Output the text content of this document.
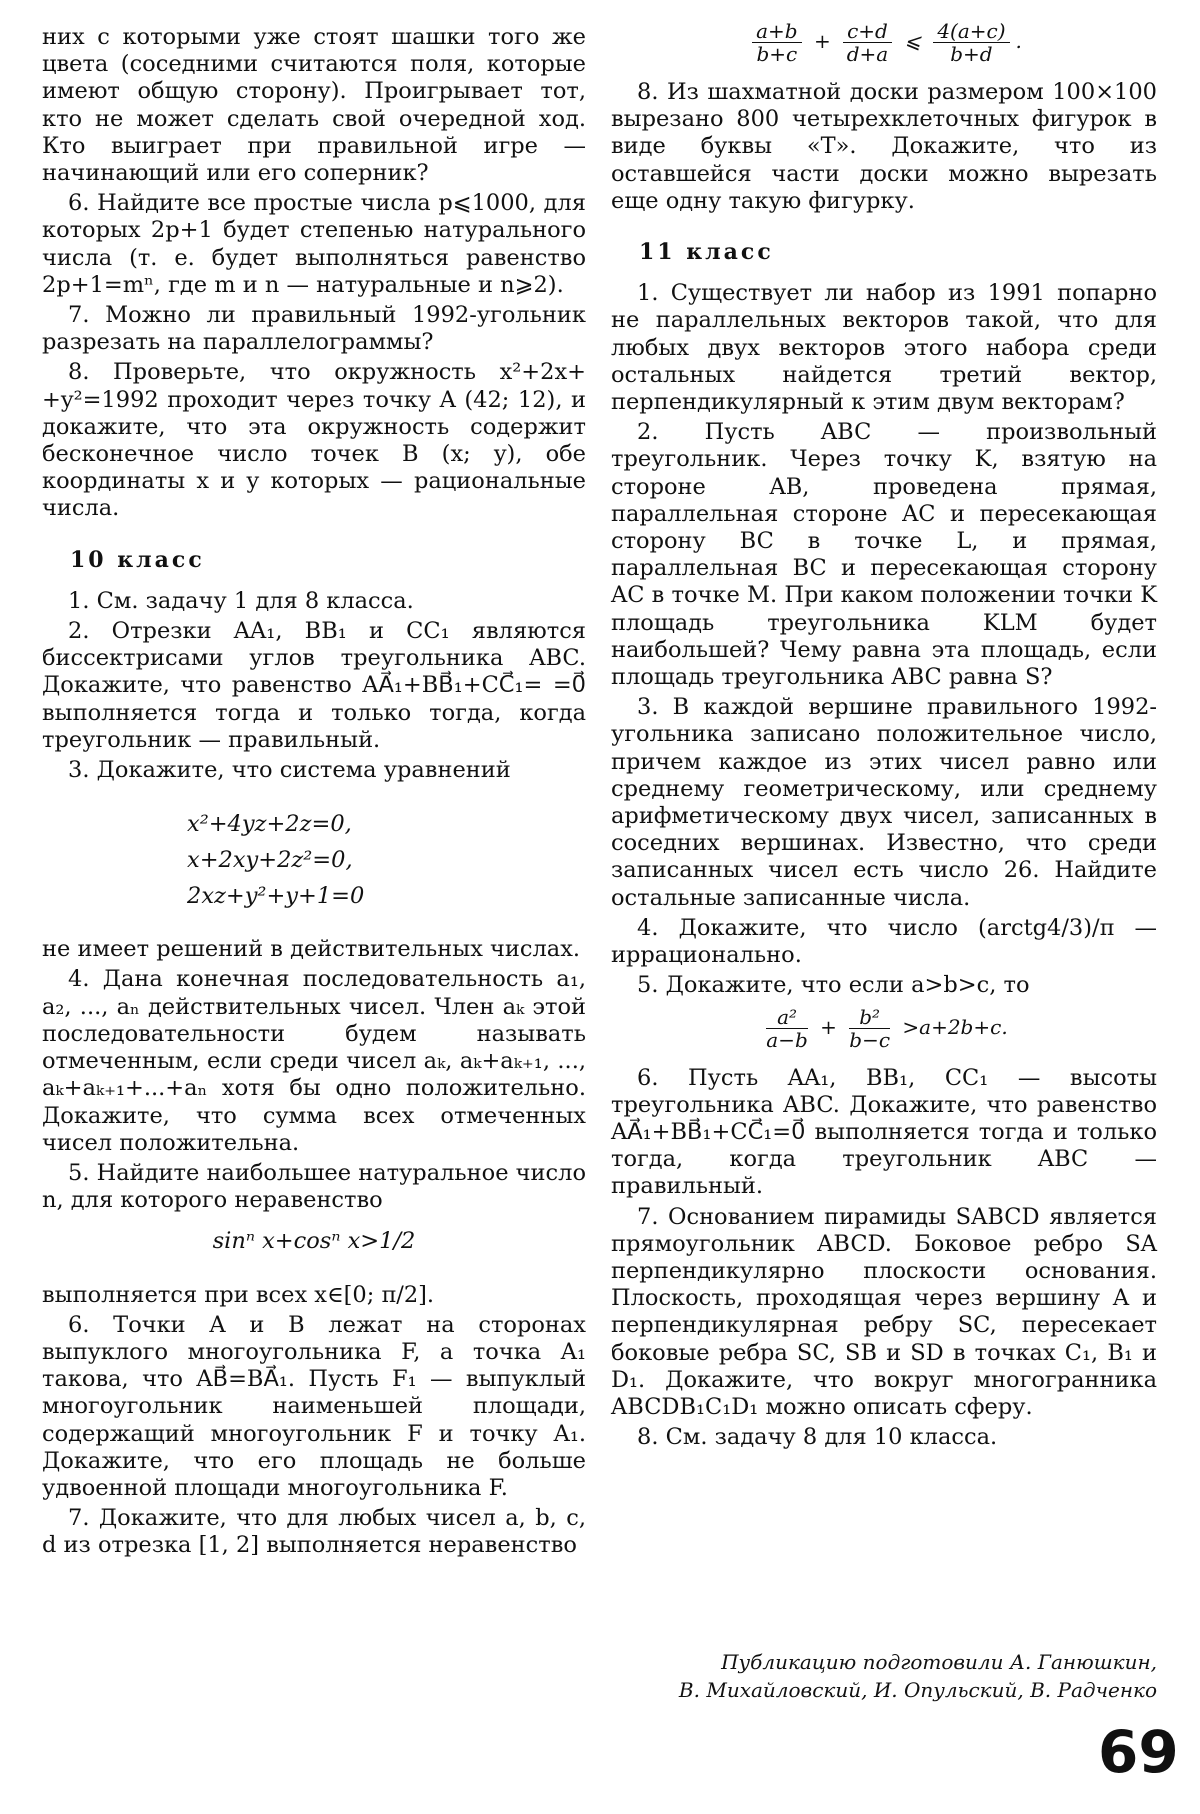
них с которыми уже стоят шашки того же цвета (соседними считаются поля, которые имеют общую сторону). Проигрывает тот, кто не может сделать свой очередной ход. Кто выиграет при правильной игре — начинающий или его соперник?

6. Найдите все простые числа p⩽1000, для которых 2p+1 будет степенью натурального числа (т. е. будет выполняться равенство 2p+1=mⁿ, где m и n — натуральные и n⩾2).

7. Можно ли правильный 1992-угольник разрезать на параллелограммы?

8. Проверьте, что окружность x²+2x+ +y²=1992 проходит через точку A (42; 12), и докажите, что эта окружность содержит бесконечное число точек B (x; y), обе координаты x и y которых — рациональные числа.

10 класс

1. См. задачу 1 для 8 класса.

2. Отрезки AA₁, BB₁ и CC₁ являются биссектрисами углов треугольника ABC. Докажите, что равенство AA⃗₁+BB⃗₁+CC⃗₁= =0⃗ выполняется тогда и только тогда, когда треугольник — правильный.

3. Докажите, что система уравнений

x²+4yz+2z=0,
x+2xy+2z²=0,
2xz+y²+y+1=0

не имеет решений в действительных числах.

4. Дана конечная последовательность a₁, a₂, ..., aₙ действительных чисел. Член aₖ этой последовательности будем называть отмеченным, если среди чисел aₖ, aₖ+aₖ₊₁, ..., aₖ+aₖ₊₁+...+aₙ хотя бы одно положительно. Докажите, что сумма всех отмеченных чисел положительна.

5. Найдите наибольшее натуральное число n, для которого неравенство

sinⁿ x+cosⁿ x>1/2

выполняется при всех x∈[0; π/2].

6. Точки A и B лежат на сторонах выпуклого многоугольника F, а точка A₁ такова, что AB⃗=BA⃗₁. Пусть F₁ — выпуклый многоугольник наименьшей площади, содержащий многоугольник F и точку A₁. Докажите, что его площадь не больше удвоенной площади многоугольника F.

7. Докажите, что для любых чисел a, b, c, d из отрезка [1, 2] выполняется неравенство

$\frac{a+b}{b+c} + \frac{c+d}{d+a}$ ⩽ $\frac{4(a+c)}{b+d}$ .

8. Из шахматной доски размером 100×100 вырезано 800 четырехклеточных фигурок в виде буквы «Т». Докажите, что из оставшейся части доски можно вырезать еще одну такую фигурку.

11 класс

1. Существует ли набор из 1991 попарно не параллельных векторов такой, что для любых двух векторов этого набора среди остальных найдется третий вектор, перпендикулярный к этим двум векторам?

2. Пусть ABC — произвольный треугольник. Через точку K, взятую на стороне AB, проведена прямая, параллельная стороне AC и пересекающая сторону BC в точке L, и прямая, параллельная BC и пересекающая сторону AC в точке M. При каком положении точки K площадь треугольника KLM будет наибольшей? Чему равна эта площадь, если площадь треугольника ABC равна S?

3. В каждой вершине правильного 1992-угольника записано положительное число, причем каждое из этих чисел равно или среднему геометрическому, или среднему арифметическому двух чисел, записанных в соседних вершинах. Известно, что среди записанных чисел есть число 26. Найдите остальные записанные числа.

4. Докажите, что число (arctg4/3)/π — иррационально.

5. Докажите, что если a>b>c, то

$\frac{\text{a²}}{a-b} + \frac{\text{b²}}{b-c} >a+2b+c$.

6. Пусть AA₁, BB₁, CC₁ — высоты треугольника ABC. Докажите, что равенство AA⃗₁+BB⃗₁+CC⃗₁=0⃗ выполняется тогда и только тогда, когда треугольник ABC — правильный.

7. Основанием пирамиды SABCD является прямоугольник ABCD. Боковое ребро SA перпендикулярно плоскости основания. Плоскость, проходящая через вершину A и перпендикулярная ребру SC, пересекает боковые ребра SC, SB и SD в точках C₁, B₁ и D₁. Докажите, что вокруг многогранника ABCDB₁C₁D₁ можно описать сферу.

8. См. задачу 8 для 10 класса.

Публикацию подготовили А. Ганюшкин,
В. Михайловский, И. Опульский, В. Радченко
69
